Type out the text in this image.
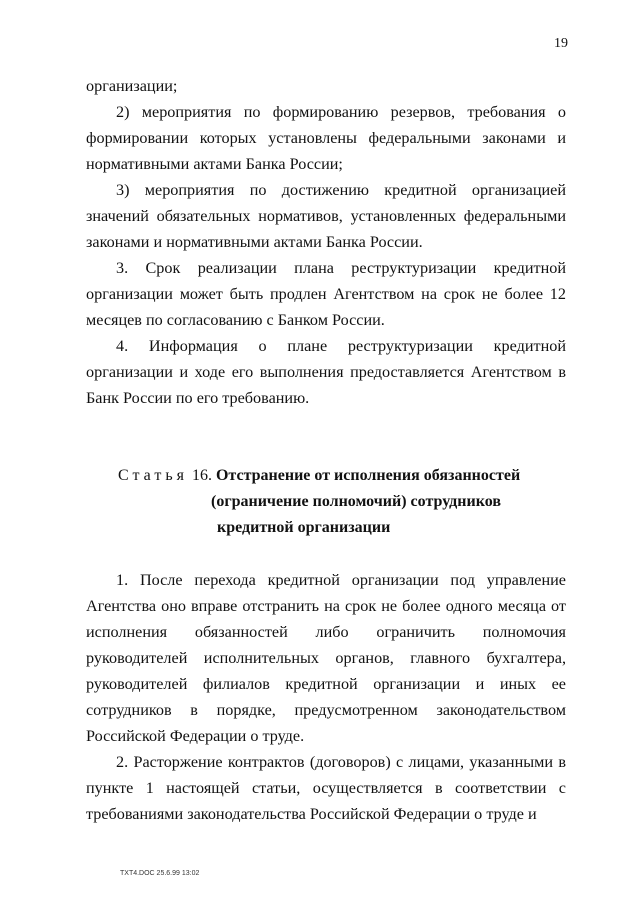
19

организации;

2) мероприятия по формированию резервов, требования о формировании которых установлены федеральными законами и нормативными актами Банка России;

3) мероприятия по достижению кредитной организацией значений обязательных нормативов, установленных федеральными законами и нормативными актами Банка России.

3. Срок реализации плана реструктуризации кредитной организации может быть продлен Агентством на срок не более 12 месяцев по согласованию с Банком России.

4. Информация о плане реструктуризации кредитной организации и ходе его выполнения предоставляется Агентством в Банк России по его требованию.

Статья 16. Отстранение от исполнения обязанностей
(ограничение полномочий) сотрудников
кредитной организации

1. После перехода кредитной организации под управление Агентства оно вправе отстранить на срок не более одного месяца от исполнения обязанностей либо ограничить полномочия руководителей исполнительных органов, главного бухгалтера, руководителей филиалов кредитной организации и иных ее сотрудников в порядке, предусмотренном законодательством Российской Федерации о труде.

2. Расторжение контрактов (договоров) с лицами, указанными в пункте 1 настоящей статьи, осуществляется в соответствии с требованиями законодательства Российской Федерации о труде и

TXT4.DOC 25.6.99 13:02
